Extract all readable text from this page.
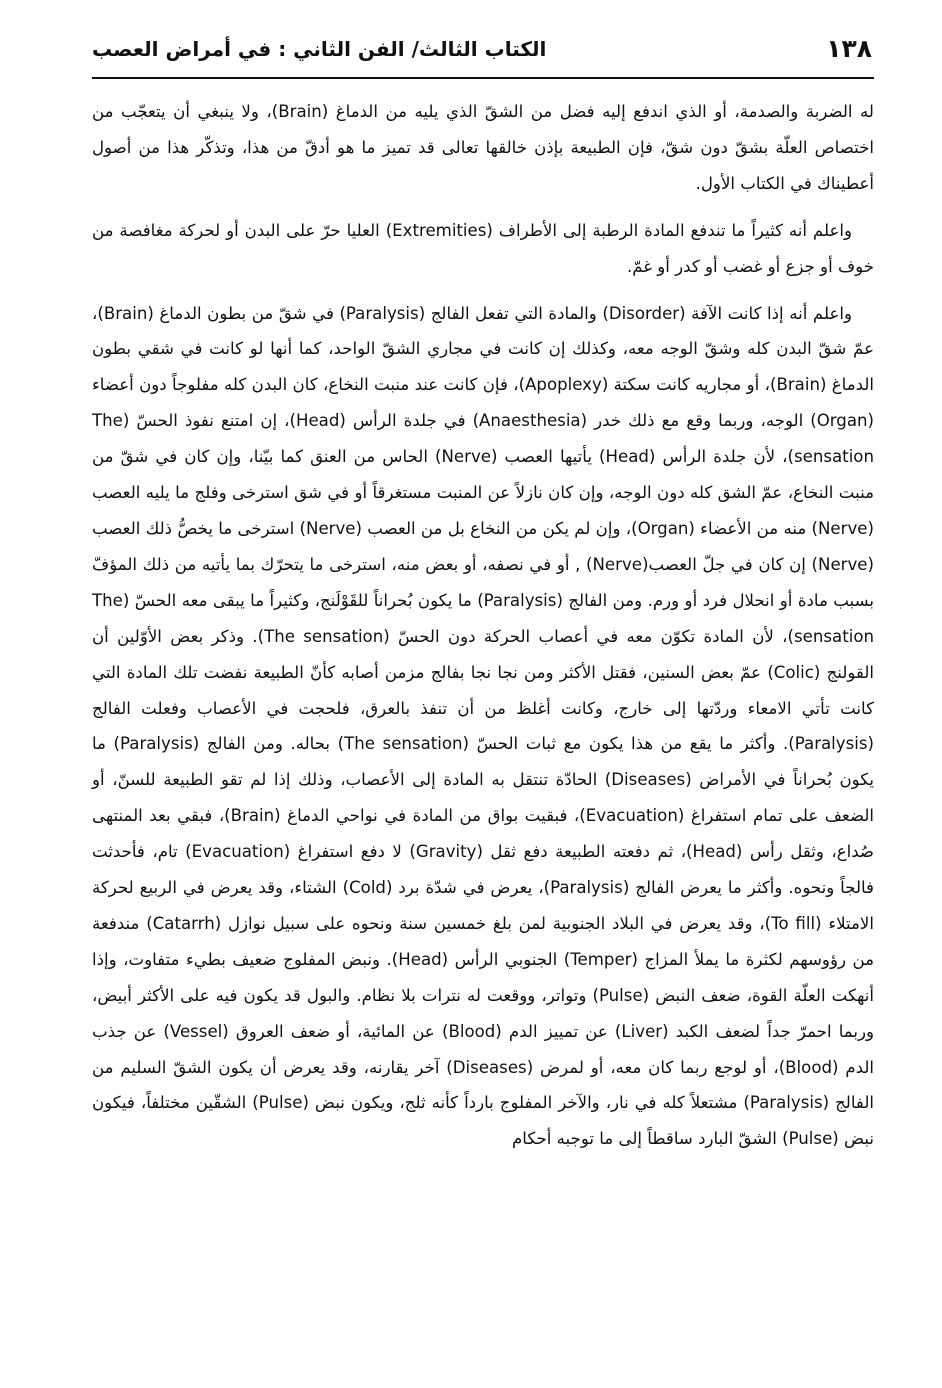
١٣٨
الكتاب الثالث/ الفن الثاني : في أمراض العصب

له الضربة والصدمة، أو الذي اندفع إليه فضل من الشقّ الذي يليه من الدماغ (Brain)، ولا ينبغي أن يتعجّب من اختصاص العلّة بشقّ دون شقّ، فإن الطبيعة بإذن خالقها تعالى قد تميز ما هو أدقّ من هذا، وتذكّر هذا من أصول أعطيناك في الكتاب الأول.

واعلم أنه كثيراً ما تندفع المادة الرطبة إلى الأطراف (Extremities) العليا حرّ على البدن أو لحركة مغافصة من خوف أو جزع أو غضب أو كدر أو غمّ.

واعلم أنه إذا كانت الآفة (Disorder) والمادة التي تفعل الفالج (Paralysis) في شقّ من بطون الدماغ (Brain)، عمّ شقّ البدن كله وشقّ الوجه معه، وكذلك إن كانت في مجاري الشقّ الواحد، كما أنها لو كانت في شقي بطون الدماغ (Brain)، أو مجاريه كانت سكتة (Apoplexy)، فإن كانت عند منبت النخاع، كان البدن كله مفلوجاً دون أعضاء (Organ) الوجه، وربما وقع مع ذلك خدر (Anaesthesia) في جلدة الرأس (Head)، إن امتنع نفوذ الحسّ (The sensation)، لأن جلدة الرأس (Head) يأتيها العصب (Nerve) الحاس من العنق كما بيّنا، وإن كان في شقّ من منبت النخاع، عمّ الشق كله دون الوجه، وإن كان نازلاً عن المنبت مستغرقاً أو في شق استرخى وفلج ما يليه العصب (Nerve) منه من الأعضاء (Organ)، وإن لم يكن من النخاع بل من العصب (Nerve) استرخى ما يخصُّ ذلك العصب (Nerve) إن كان في جلّ العصب(Nerve) , أو في نصفه، أو بعض منه، استرخى ما يتحرّك بما يأتيه من ذلك المؤفّ بسبب مادة أو انحلال فرد أو ورم. ومن الفالج (Paralysis) ما يكون بُحراناً للقَوْلَنج، وكثيراً ما يبقى معه الحسّ (The sensation)، لأن المادة تكوّن معه في أعصاب الحركة دون الحسّ (The sensation). وذكر بعض الأوّلين أن القولنج (Colic) عمّ بعض السنين، فقتل الأكثر ومن نجا نجا بفالج مزمن أصابه كأنّ الطبيعة نفضت تلك المادة التي كانت تأتي الامعاء وردّتها إلى خارج، وكانت أغلظ من أن تنفذ بالعرق، فلحجت في الأعصاب وفعلت الفالج (Paralysis). وأكثر ما يقع من هذا يكون مع ثبات الحسّ (The sensation) بحاله. ومن الفالج (Paralysis) ما يكون بُحراناً في الأمراض (Diseases) الحادّة تنتقل به المادة إلى الأعصاب، وذلك إذا لم تقو الطبيعة للسنّ، أو الضعف على تمام استفراغ (Evacuation)، فبقيت بواق من المادة في نواحي الدماغ (Brain)، فبقي بعد المنتهى صُداع، وثقل رأس (Head)، ثم دفعته الطبيعة دفع ثقل (Gravity) لا دفع استفراغ (Evacuation) تام، فأحدثت فالجاً ونحوه. وأكثر ما يعرض الفالج (Paralysis)، يعرض في شدّة برد (Cold) الشتاء، وقد يعرض في الربيع لحركة الامتلاء (To fill)، وقد يعرض في البلاد الجنوبية لمن بلغ خمسين سنة ونحوه على سبيل نوازل (Catarrh) مندفعة من رؤوسهم لكثرة ما يملأ المزاج (Temper) الجنوبي الرأس (Head). ونبض المفلوج ضعيف بطيء متفاوت، وإذا أنهكت العلّة القوة، ضعف النبض (Pulse) وتواتر، ووقعت له نترات بلا نظام. والبول قد يكون فيه على الأكثر أبيض، وربما احمرّ جداً لضعف الكبد (Liver) عن تمييز الدم (Blood) عن المائية، أو ضعف العروق (Vessel) عن جذب الدم (Blood)، أو لوجع ربما كان معه، أو لمرض (Diseases) آخر يقارنه، وقد يعرض أن يكون الشقّ السليم من الفالج (Paralysis) مشتعلاً كله في نار، والآخر المفلوج بارداً كأنه ثلج، ويكون نبض (Pulse) الشقّين مختلفاً، فيكون نبض (Pulse) الشقّ البارد ساقطاً إلى ما توجبه أحكام
